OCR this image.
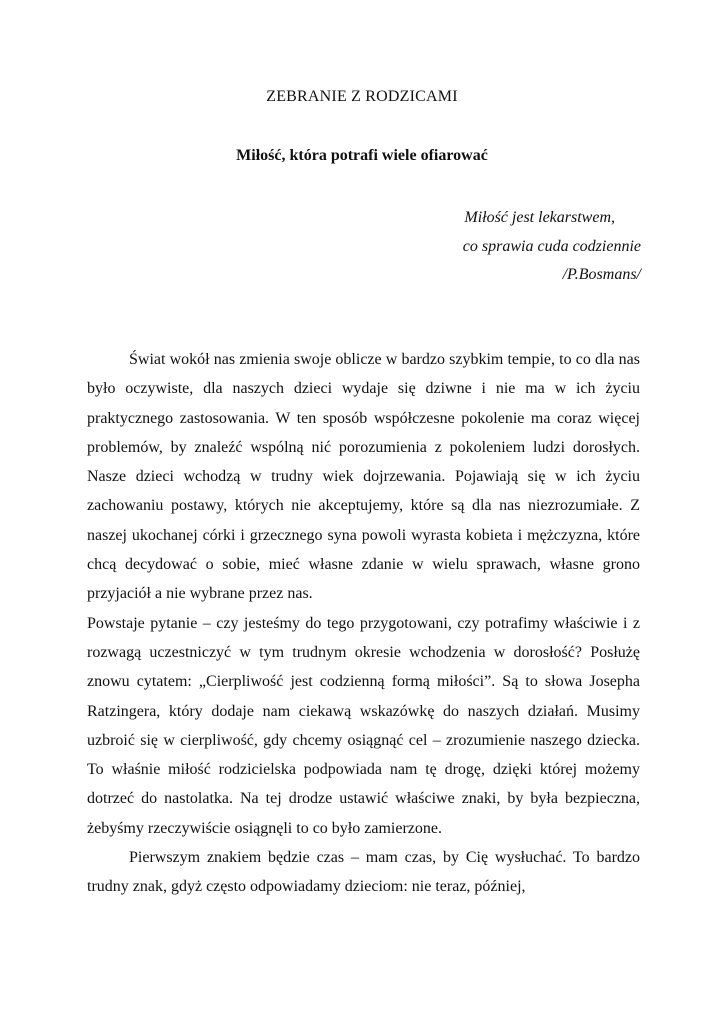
ZEBRANIE Z RODZICAMI
Miłość, która potrafi wiele ofiarować
Miłość jest lekarstwem,
co sprawia cuda codziennie
/P.Bosmans/

Świat wokół nas zmienia swoje oblicze w bardzo szybkim tempie, to co dla nas było oczywiste, dla naszych dzieci wydaje się dziwne i nie ma w ich życiu praktycznego zastosowania. W ten sposób współczesne pokolenie ma coraz więcej problemów, by znaleźć wspólną nić porozumienia z pokoleniem ludzi dorosłych. Nasze dzieci wchodzą w trudny wiek dojrzewania. Pojawiają się w ich życiu zachowaniu postawy, których nie akceptujemy, które są dla nas niezrozumiałe. Z naszej ukochanej córki i grzecznego syna powoli wyrasta kobieta i mężczyzna, które chcą decydować o sobie, mieć własne zdanie w wielu sprawach, własne grono przyjaciół a nie wybrane przez nas.

Powstaje pytanie – czy jesteśmy do tego przygotowani, czy potrafimy właściwie i z rozwagą uczestniczyć w tym trudnym okresie wchodzenia w dorosłość? Posłużę znowu cytatem: „Cierpliwość jest codzienną formą miłości”. Są to słowa Josepha Ratzingera, który dodaje nam ciekawą wskazówkę do naszych działań. Musimy uzbroić się w cierpliwość, gdy chcemy osiągnąć cel – zrozumienie naszego dziecka. To właśnie miłość rodzicielska podpowiada nam tę drogę, dzięki której możemy dotrzeć do nastolatka. Na tej drodze ustawić właściwe znaki, by była bezpieczna, żebyśmy rzeczywiście osiągnęli to co było zamierzone.

Pierwszym znakiem będzie czas – mam czas, by Cię wysłuchać. To bardzo trudny znak, gdyż często odpowiadamy dzieciom: nie teraz, później,
